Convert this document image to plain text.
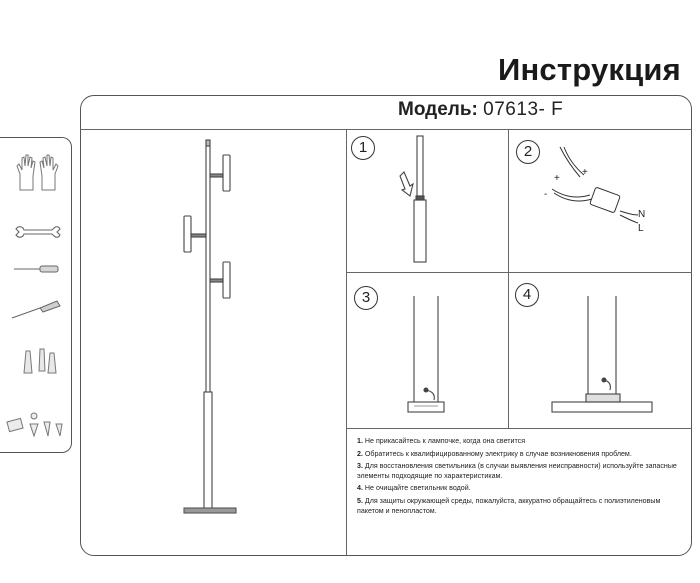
Инструкция
Модель: 07613- F
1	2
+
+
-
N
L
3	4

1. Не прикасайтесь к лампочке, когда она светится

2. Обратитесь к квалифицированному электрику в случае возникновения проблем.

3. Для восстановления светильника (в случаи выявления неисправности) используйте запасные элементы подходящие по характеристикам.

4. Не очищайте светильник водой.

5. Для защиты окружающей среды, пожалуйста, аккуратно обращайтесь с полиэтиленовым пакетом и пенопластом.
